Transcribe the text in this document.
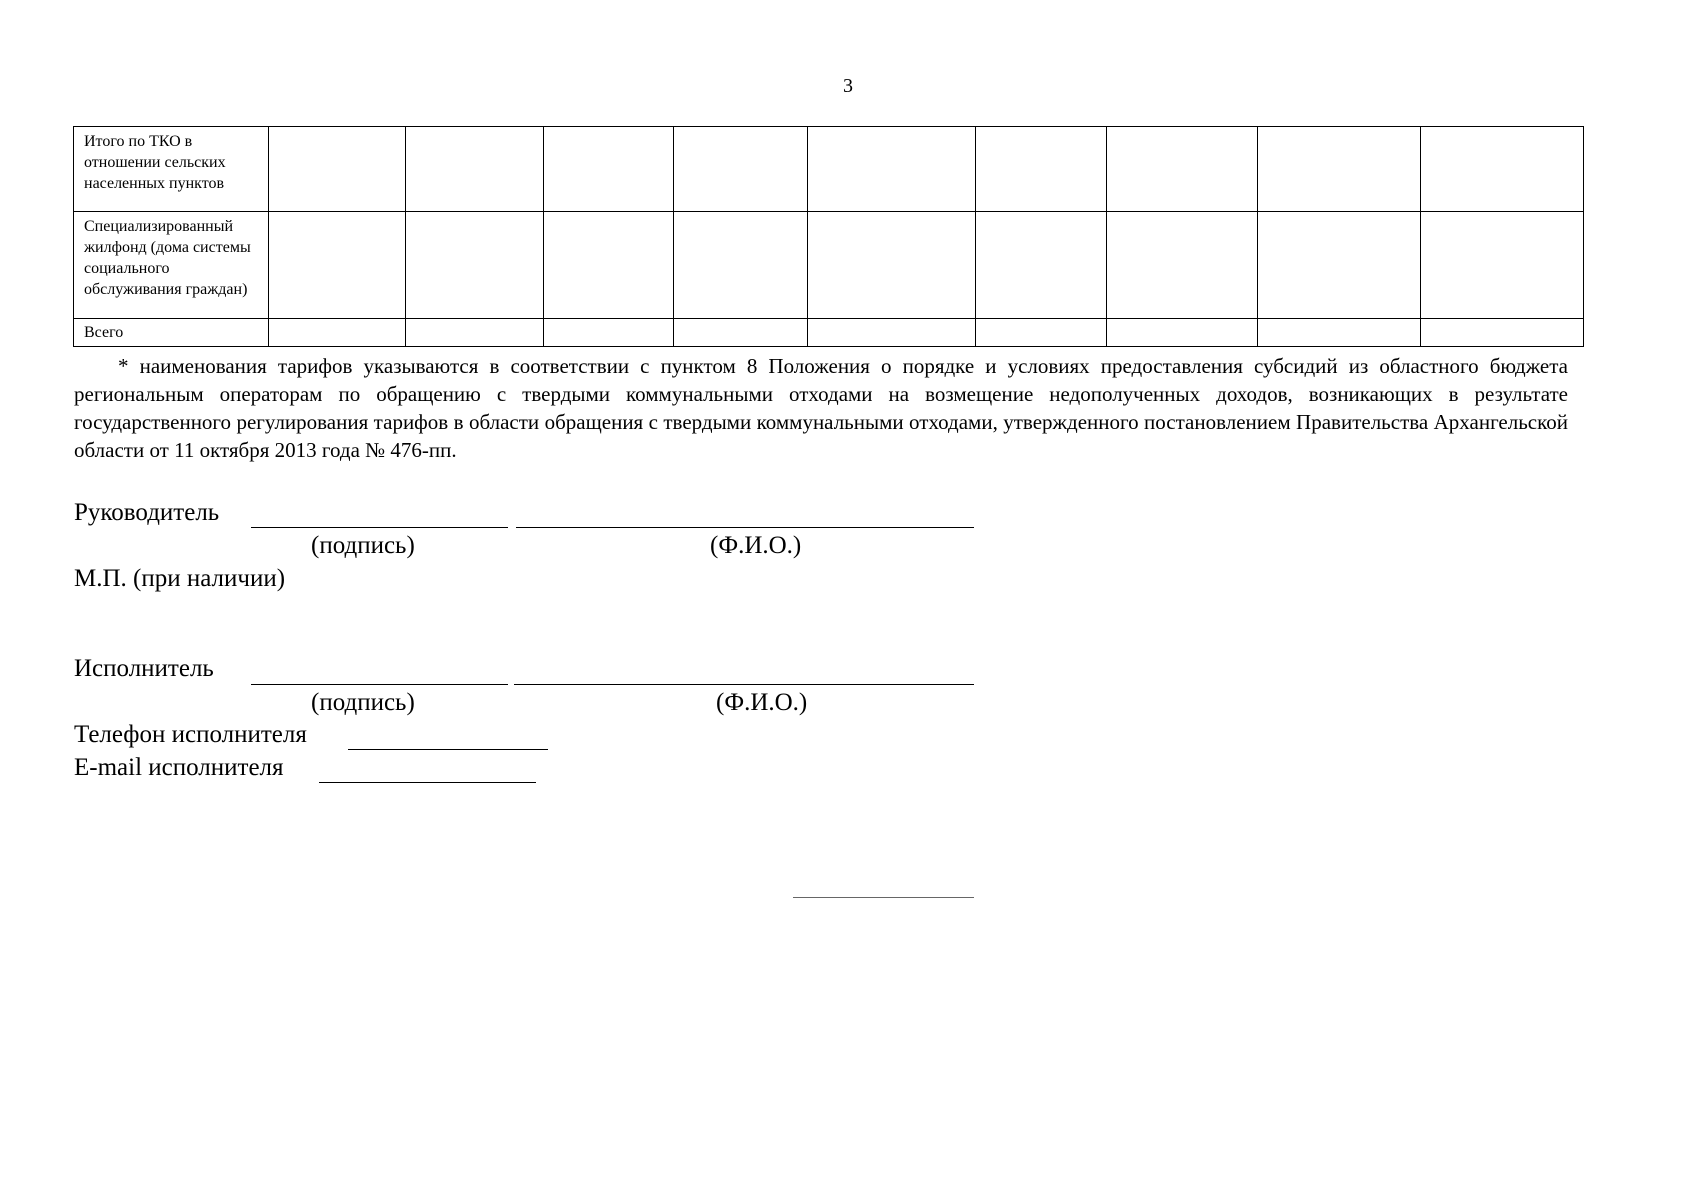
3
Итого по ТКО в отношении сельских населенных пунктов									
Специализированный жилфонд (дома системы социального обслуживания граждан)									
Всего									

* наименования тарифов указываются в соответствии с пунктом 8 Положения о порядке и условиях предоставления субсидий из областного бюджета региональным операторам по обращению с твердыми коммунальными отходами на возмещение недополученных доходов, возникающих в результате государственного регулирования тарифов в области обращения с твердыми коммунальными отходами, утвержденного постановлением Правительства Архангельской области от 11 октября 2013 года № 476-пп.

Руководитель
(подпись)	(Ф.И.О.)
М.П. (при наличии)
Исполнитель
(подпись)	(Ф.И.О.)
Телефон исполнителя
E-mail исполнителя
